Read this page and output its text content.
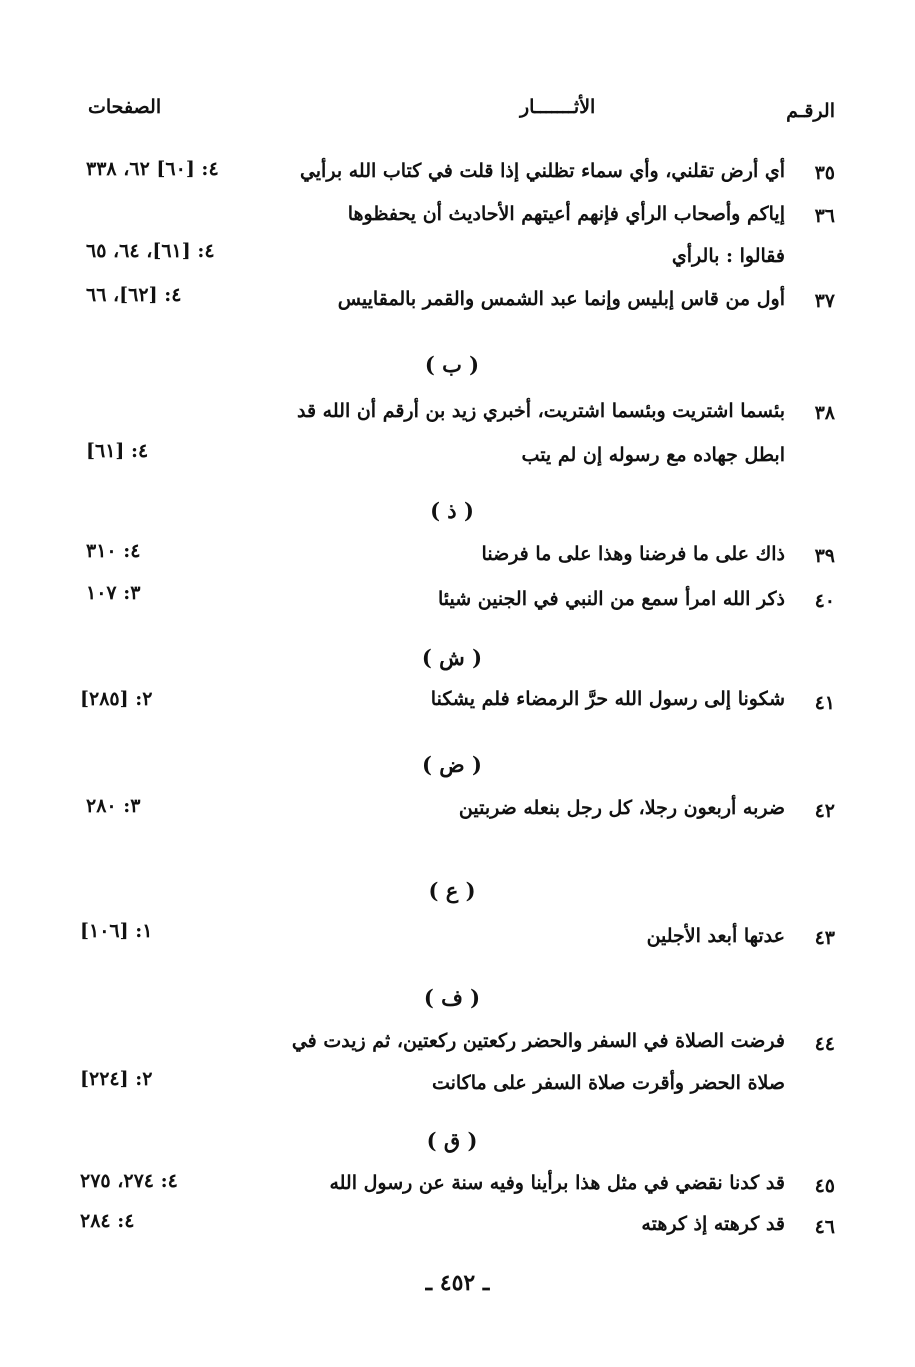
الرقـم
الأثـــــــار
الصفحات
٣٥
أي أرض تقلني، وأي سماء تظلني إذا قلت في كتاب الله برأيي
٤: [٦٠] ٦٢، ٣٣٨
٣٦
إياكم وأصحاب الرأي فإنهم أعيتهم الأحاديث أن يحفظوها
فقالوا : بالرأي
٤: [٦١]، ٦٤، ٦٥
٣٧
أول من قاس إبليس وإنما عبد الشمس والقمر بالمقاييس
٤: [٦٢]، ٦٦
( ب )
٣٨
بئسما اشتريت وبئسما اشتريت، أخبري زيد بن أرقم أن الله قد
ابطل جهاده مع رسوله إن لم يتب
٤: [٦١]
( ذ )
٣٩
ذاك على ما فرضنا وهذا على ما فرضنا
٤: ٣١٠
٤٠
ذكر الله امرأ سمع من النبي في الجنين شيئا
٣: ١٠٧
( ش )
٤١
شكونا إلى رسول الله حرَّ الرمضاء فلم يشكنا
٢: [٢٨٥]
( ض )
٤٢
ضربه أربعون رجلا، كل رجل بنعله ضربتين
٣: ٢٨٠
( ع )
٤٣
عدتها أبعد الأجلين
١: [١٠٦]
( ف )
٤٤
فرضت الصلاة في السفر والحضر ركعتين ركعتين، ثم زيدت في
صلاة الحضر وأقرت صلاة السفر على ماكانت
٢: [٢٢٤]
( ق )
٤٥
قد كدنا نقضي في مثل هذا برأينا وفيه سنة عن رسول الله
٤: ٢٧٤، ٢٧٥
٤٦
قد كرهته إذ كرهته
٤: ٢٨٤
ـ ٤٥٢ ـ
